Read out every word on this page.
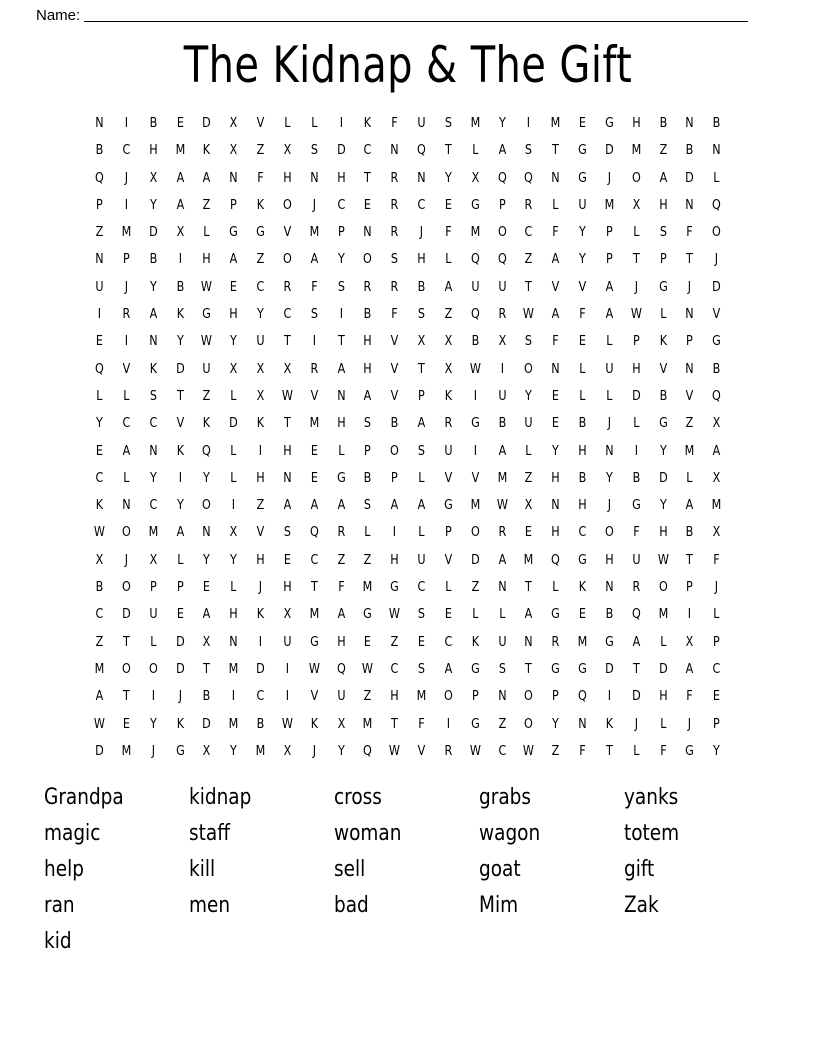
Name:
The Kidnap & The Gift
N	I	B	E	D	X	V	L	L	I	K	F	U	S	M	Y	I	M	E	G	H	B	N	B
B	C	H	M	K	X	Z	X	S	D	C	N	Q	T	L	A	S	T	G	D	M	Z	B	N
Q	J	X	A	A	N	F	H	N	H	T	R	N	Y	X	Q	Q	N	G	J	O	A	D	L
P	I	Y	A	Z	P	K	O	J	C	E	R	C	E	G	P	R	L	U	M	X	H	N	Q
Z	M	D	X	L	G	G	V	M	P	N	R	J	F	M	O	C	F	Y	P	L	S	F	O
N	P	B	I	H	A	Z	O	A	Y	O	S	H	L	Q	Q	Z	A	Y	P	T	P	T	J
U	J	Y	B	W	E	C	R	F	S	R	R	B	A	U	U	T	V	V	A	J	G	J	D
I	R	A	K	G	H	Y	C	S	I	B	F	S	Z	Q	R	W	A	F	A	W	L	N	V
E	I	N	Y	W	Y	U	T	I	T	H	V	X	X	B	X	S	F	E	L	P	K	P	G
Q	V	K	D	U	X	X	X	R	A	H	V	T	X	W	I	O	N	L	U	H	V	N	B
L	L	S	T	Z	L	X	W	V	N	A	V	P	K	I	U	Y	E	L	L	D	B	V	Q
Y	C	C	V	K	D	K	T	M	H	S	B	A	R	G	B	U	E	B	J	L	G	Z	X
E	A	N	K	Q	L	I	H	E	L	P	O	S	U	I	A	L	Y	H	N	I	Y	M	A
C	L	Y	I	Y	L	H	N	E	G	B	P	L	V	V	M	Z	H	B	Y	B	D	L	X
K	N	C	Y	O	I	Z	A	A	A	S	A	A	G	M	W	X	N	H	J	G	Y	A	M
W	O	M	A	N	X	V	S	Q	R	L	I	L	P	O	R	E	H	C	O	F	H	B	X
X	J	X	L	Y	Y	H	E	C	Z	Z	H	U	V	D	A	M	Q	G	H	U	W	T	F
B	O	P	P	E	L	J	H	T	F	M	G	C	L	Z	N	T	L	K	N	R	O	P	J
C	D	U	E	A	H	K	X	M	A	G	W	S	E	L	L	A	G	E	B	Q	M	I	L
Z	T	L	D	X	N	I	U	G	H	E	Z	E	C	K	U	N	R	M	G	A	L	X	P
M	O	O	D	T	M	D	I	W	Q	W	C	S	A	G	S	T	G	G	D	T	D	A	C
A	T	I	J	B	I	C	I	V	U	Z	H	M	O	P	N	O	P	Q	I	D	H	F	E
W	E	Y	K	D	M	B	W	K	X	M	T	F	I	G	Z	O	Y	N	K	J	L	J	P
D	M	J	G	X	Y	M	X	J	Y	Q	W	V	R	W	C	W	Z	F	T	L	F	G	Y
Grandpa	kidnap	cross	grabs	yanks
magic	staff	woman	wagon	totem
help	kill	sell	goat	gift
ran	men	bad	Mim	Zak
kid
